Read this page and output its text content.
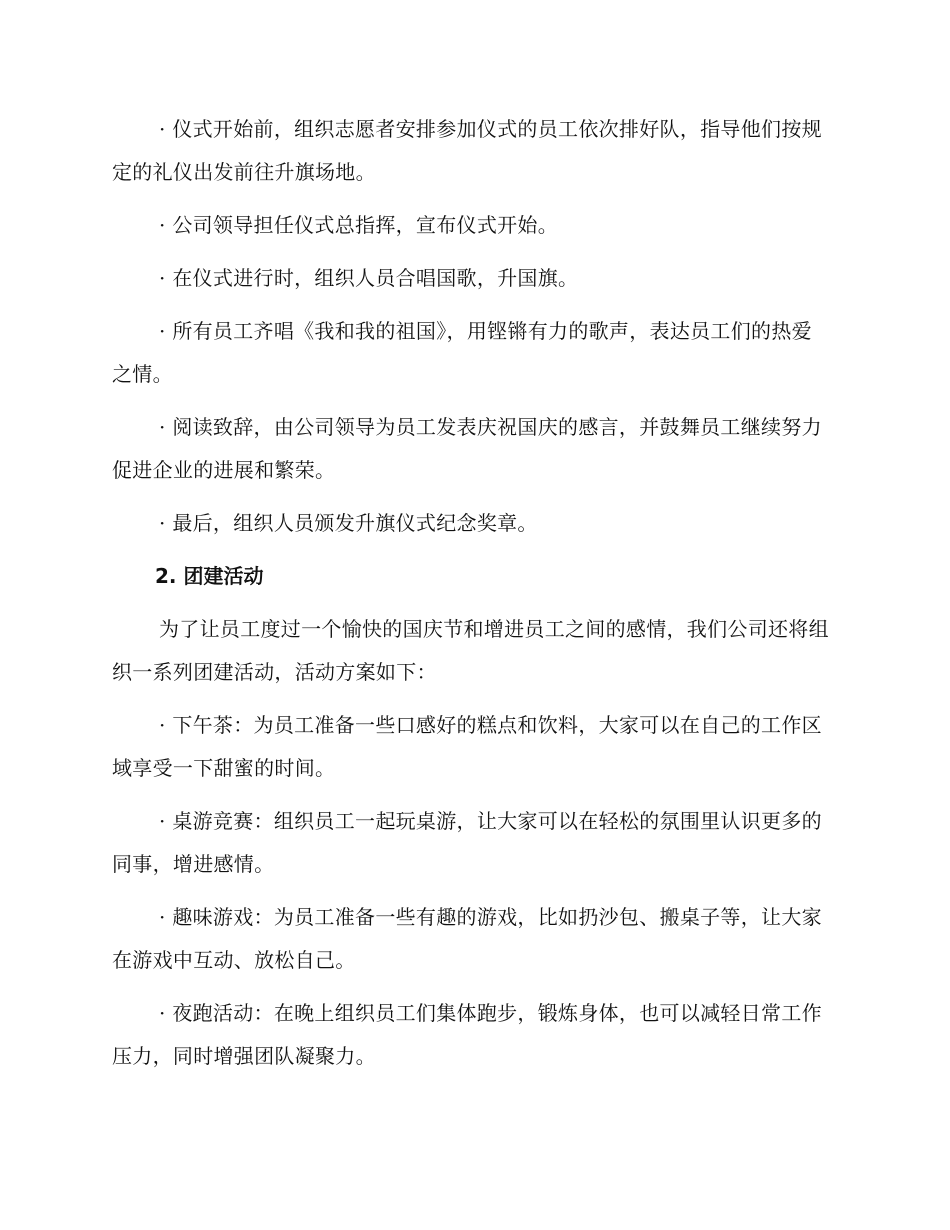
· 仪式开始前，组织志愿者安排参加仪式的员工依次排好队，指导他们按规定的礼仪出发前往升旗场地。

· 公司领导担任仪式总指挥，宣布仪式开始。

· 在仪式进行时，组织人员合唱国歌，升国旗。

· 所有员工齐唱《我和我的祖国》，用铿锵有力的歌声，表达员工们的热爱之情。

· 阅读致辞，由公司领导为员工发表庆祝国庆的感言，并鼓舞员工继续努力促进企业的进展和繁荣。

· 最后，组织人员颁发升旗仪式纪念奖章。

2. 团建活动

为了让员工度过一个愉快的国庆节和增进员工之间的感情，我们公司还将组织一系列团建活动，活动方案如下：

· 下午茶：为员工准备一些口感好的糕点和饮料，大家可以在自己的工作区域享受一下甜蜜的时间。

· 桌游竞赛：组织员工一起玩桌游，让大家可以在轻松的氛围里认识更多的同事，增进感情。

· 趣味游戏：为员工准备一些有趣的游戏，比如扔沙包、搬桌子等，让大家在游戏中互动、放松自己。

· 夜跑活动：在晚上组织员工们集体跑步，锻炼身体，也可以减轻日常工作压力，同时增强团队凝聚力。
